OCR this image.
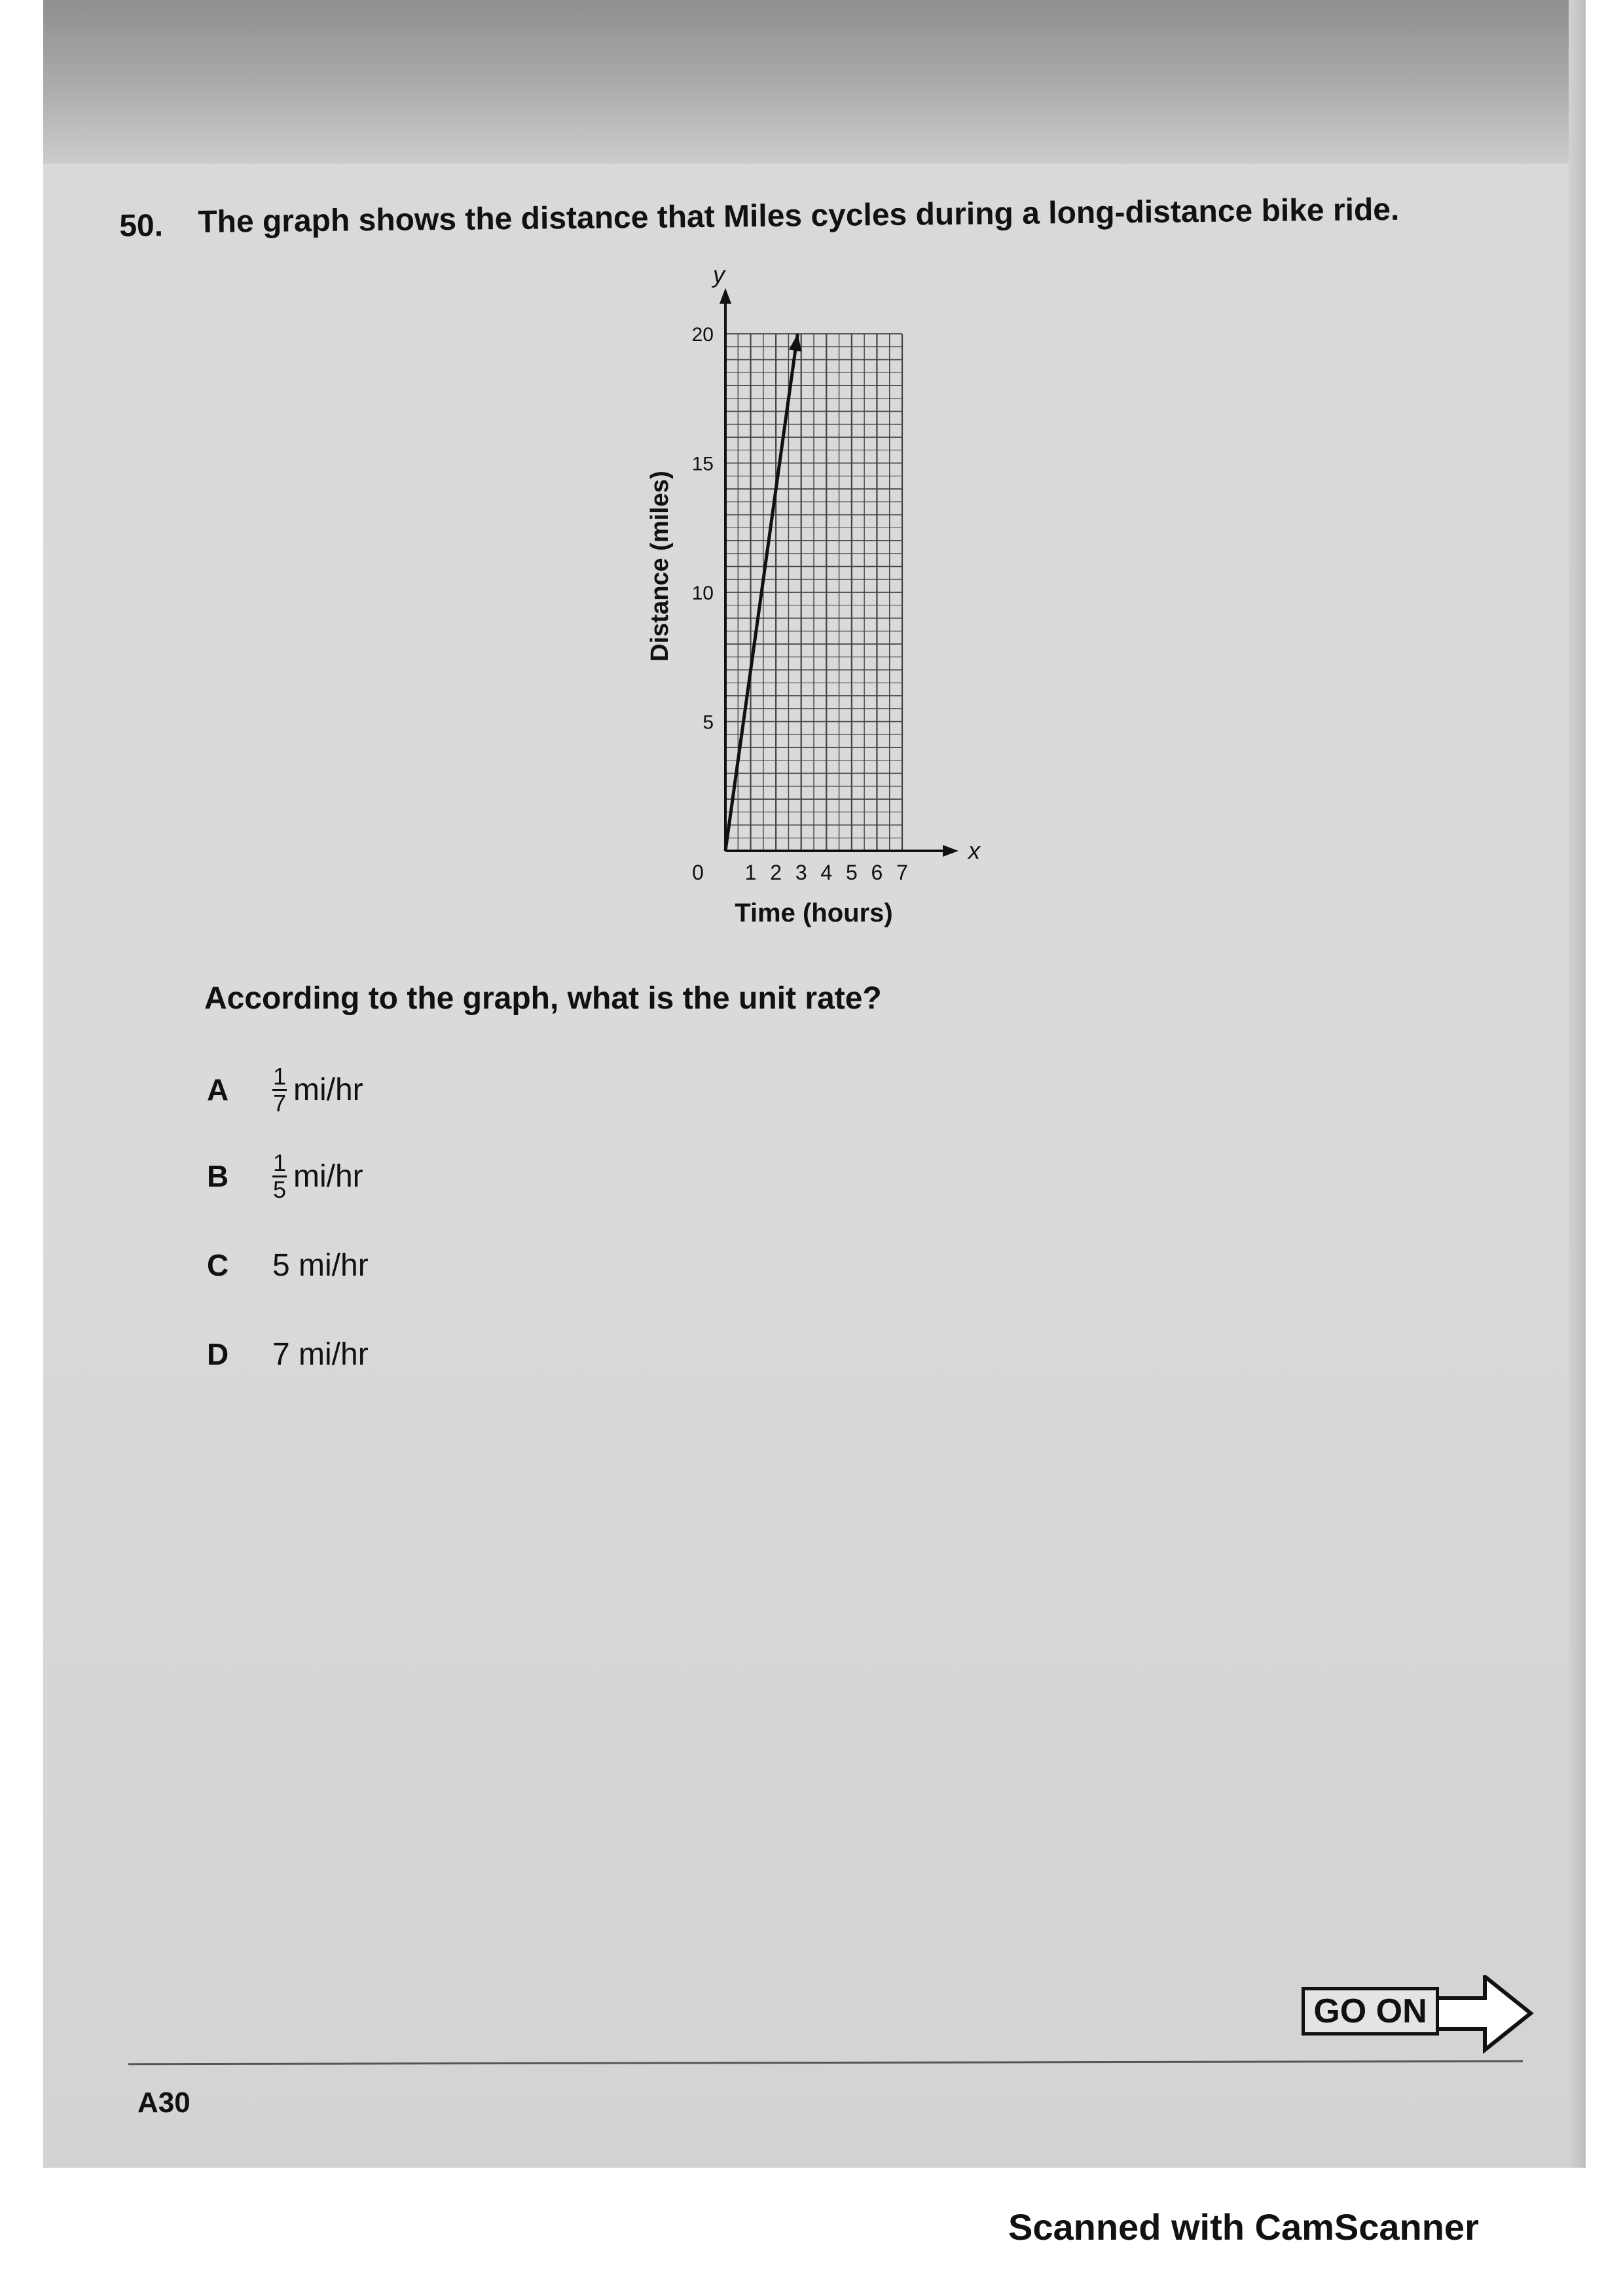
50. The graph shows the distance that Miles cycles during a long-distance bike ride.
0 1 2 3 4 5 6 7
5
10
15
20
y
x
Time (hours)
Distance (miles)
According to the graph, what is the unit rate?
A	$\frac{1}{7} mi/hr$
B	$\frac{1}{5} mi/hr$
C	5 mi/hr
D	7 mi/hr
GO ON
A30
Scanned with CamScanner
